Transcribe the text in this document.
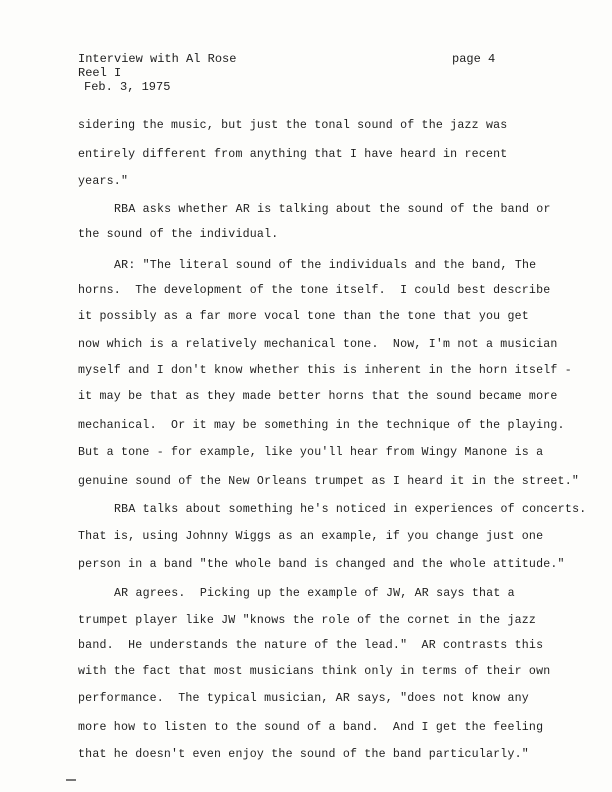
Interview with Al Rose	page 4
Reel I
Feb. 3, 1975
sidering the music, but just the tonal sound of the jazz was
entirely different from anything that I have heard in recent
years."
RBA asks whether AR is talking about the sound of the band or
the sound of the individual.
AR: "The literal sound of the individuals and the band, The
horns.  The development of the tone itself.  I could best describe
it possibly as a far more vocal tone than the tone that you get
now which is a relatively mechanical tone.  Now, I'm not a musician
myself and I don't know whether this is inherent in the horn itself -
it may be that as they made better horns that the sound became more
mechanical.  Or it may be something in the technique of the playing.
But a tone - for example, like you'll hear from Wingy Manone is a
genuine sound of the New Orleans trumpet as I heard it in the street."
RBA talks about something he's noticed in experiences of concerts.
That is, using Johnny Wiggs as an example, if you change just one
person in a band "the whole band is changed and the whole attitude."
AR agrees.  Picking up the example of JW, AR says that a
trumpet player like JW "knows the role of the cornet in the jazz
band.  He understands the nature of the lead."  AR contrasts this
with the fact that most musicians think only in terms of their own
performance.  The typical musician, AR says, "does not know any
more how to listen to the sound of a band.  And I get the feeling
that he doesn't even enjoy the sound of the band particularly."
